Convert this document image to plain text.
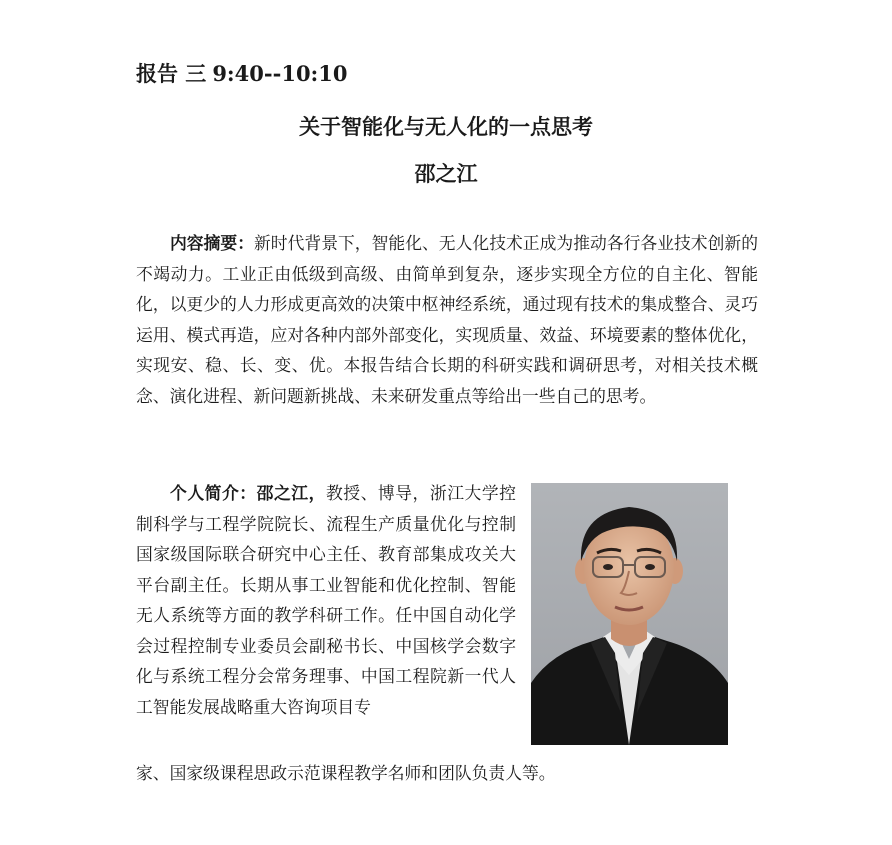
报告 三 9:40--10:10
关于智能化与无人化的一点思考
邵之江

内容摘要：新时代背景下，智能化、无人化技术正成为推动各行各业技术创新的不竭动力。工业正由低级到高级、由简单到复杂，逐步实现全方位的自主化、智能化，以更少的人力形成更高效的决策中枢神经系统，通过现有技术的集成整合、灵巧运用、模式再造，应对各种内部外部变化，实现质量、效益、环境要素的整体优化，实现安、稳、长、变、优。本报告结合长期的科研实践和调研思考，对相关技术概念、演化进程、新问题新挑战、未来研发重点等给出一些自己的思考。

个人简介：邵之江，教授、博导，浙江大学控制科学与工程学院院长、流程生产质量优化与控制国家级国际联合研究中心主任、教育部集成攻关大平台副主任。长期从事工业智能和优化控制、智能无人系统等方面的教学科研工作。任中国自动化学会过程控制专业委员会副秘书长、中国核学会数字化与系统工程分会常务理事、中国工程院新一代人工智能发展战略重大咨询项目专

家、国家级课程思政示范课程教学名师和团队负责人等。
